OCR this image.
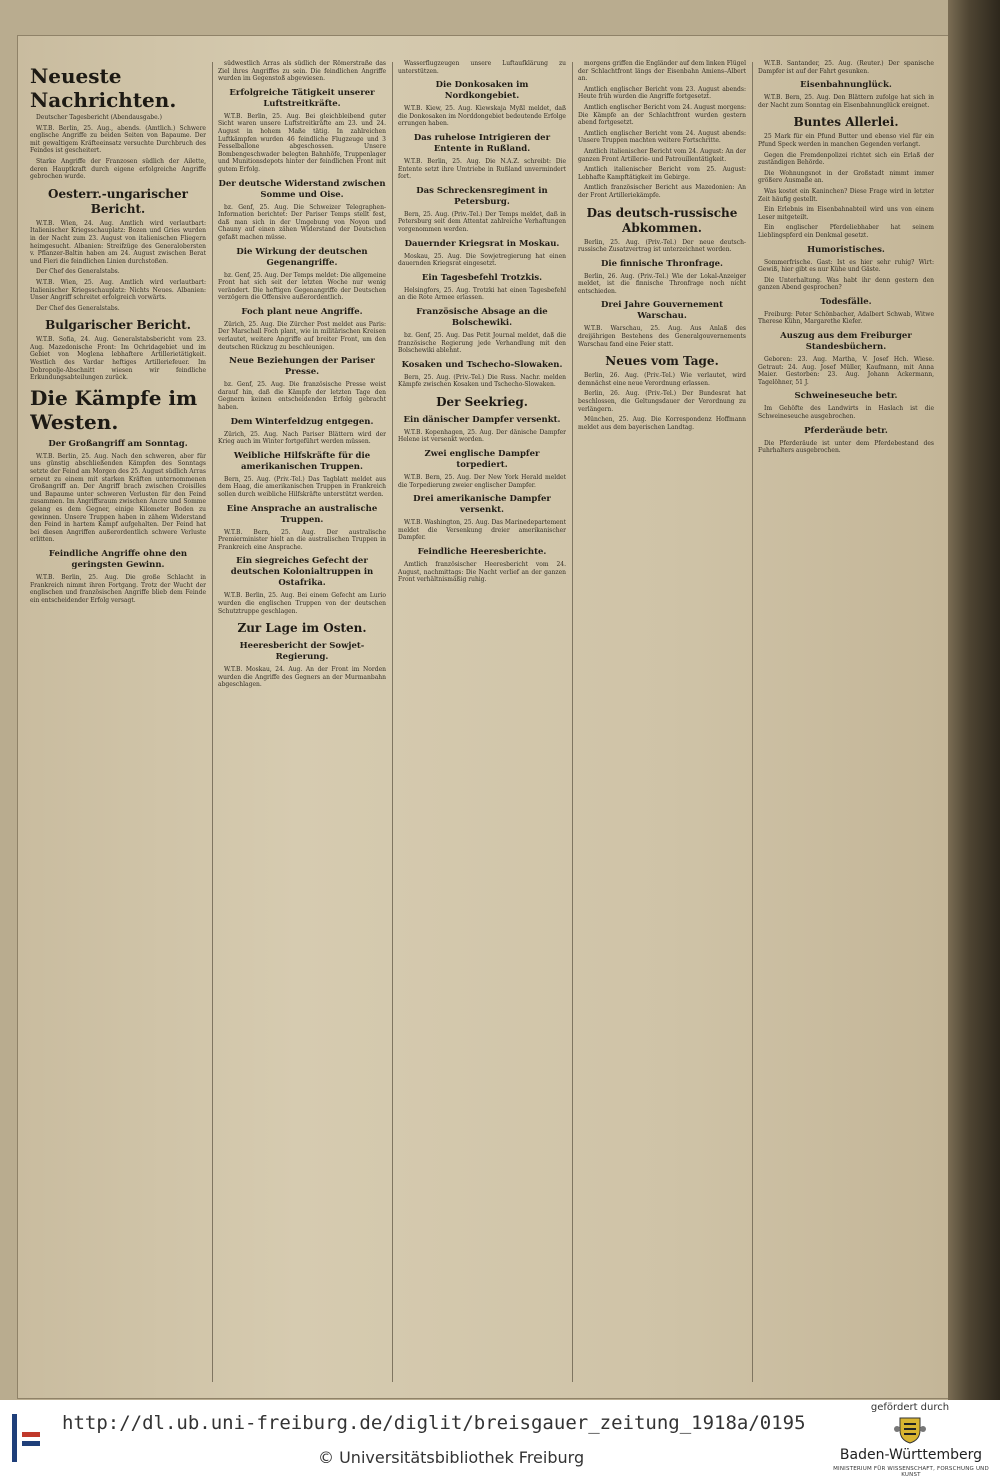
Neueste Nachrichten.

Deutscher Tagesbericht (Abendausgabe.)

W.T.B. Berlin, 25. Aug., abends. (Amtlich.) Schwere englische Angriffe zu beiden Seiten von Bapaume. Der mit gewaltigem Kräfteeinsatz versuchte Durchbruch des Feindes ist gescheitert.

Starke Angriffe der Franzosen südlich der Ailette, deren Hauptkraft durch eigene erfolgreiche Angriffe gebrochen wurde.

Oesterr.-ungarischer Bericht.

W.T.B. Wien, 24. Aug. Amtlich wird verlautbart: Italienischer Kriegsschauplatz: Bozen und Gries wurden in der Nacht zum 23. August von italienischen Fliegern heimgesucht. Albanien: Streifzüge des Generalobersten v. Pflanzer-Baltin haben am 24. August zwischen Berat und Fieri die feindlichen Linien durchstoßen.

Der Chef des Generalstabs.

W.T.B. Wien, 25. Aug. Amtlich wird verlautbart: Italienischer Kriegsschauplatz: Nichts Neues. Albanien: Unser Angriff schreitet erfolgreich vorwärts.

Der Chef des Generalstabs.

Bulgarischer Bericht.

W.T.B. Sofia, 24. Aug. Generalstabsbericht vom 23. Aug. Mazedonische Front: Im Ochridagebiet und im Gebiet von Moglena lebhaftere Artillerietätigkeit. Westlich des Vardar heftiges Artilleriefeuer. Im Dobropolje-Abschnitt wiesen wir feindliche Erkundungsabteilungen zurück.

Die Kämpfe im Westen.
Der Großangriff am Sonntag.

W.T.B. Berlin, 25. Aug. Nach den schweren, aber für uns günstig abschließenden Kämpfen des Sonntags setzte der Feind am Morgen des 25. August südlich Arras erneut zu einem mit starken Kräften unternommenen Großangriff an. Der Angriff brach zwischen Croisilles und Bapaume unter schweren Verlusten für den Feind zusammen. Im Angriffsraum zwischen Ancre und Somme gelang es dem Gegner, einige Kilometer Boden zu gewinnen. Unsere Truppen haben in zähem Widerstand den Feind in hartem Kampf aufgehalten. Der Feind hat bei diesen Angriffen außerordentlich schwere Verluste erlitten.

Feindliche Angriffe ohne den geringsten Gewinn.

W.T.B. Berlin, 25. Aug. Die große Schlacht in Frankreich nimmt ihren Fortgang. Trotz der Wucht der englischen und französischen Angriffe blieb dem Feinde ein entscheidender Erfolg versagt.

südwestlich Arras als südlich der Römerstraße das Ziel ihres Angriffes zu sein. Die feindlichen Angriffe wurden im Gegenstoß abgewiesen.

Erfolgreiche Tätigkeit unserer Luftstreitkräfte.

W.T.B. Berlin, 25. Aug. Bei gleichbleibend guter Sicht waren unsere Luftstreitkräfte am 23. und 24. August in hohem Maße tätig. In zahlreichen Luftkämpfen wurden 46 feindliche Flugzeuge und 3 Fesselballone abgeschossen. Unsere Bombengeschwader belegten Bahnhöfe, Truppenlager und Munitionsdepots hinter der feindlichen Front mit gutem Erfolg.

Der deutsche Widerstand zwischen Somme und Oise.

bz. Genf, 25. Aug. Die Schweizer Telegraphen-Information berichtet: Der Pariser Temps stellt fest, daß man sich in der Umgebung von Noyon und Chauny auf einen zähen Widerstand der Deutschen gefaßt machen müsse.

Die Wirkung der deutschen Gegenangriffe.

bz. Genf, 25. Aug. Der Temps meldet: Die allgemeine Front hat sich seit der letzten Woche nur wenig verändert. Die heftigen Gegenangriffe der Deutschen verzögern die Offensive außerordentlich.

Foch plant neue Angriffe.

Zürich, 25. Aug. Die Zürcher Post meldet aus Paris: Der Marschall Foch plant, wie in militärischen Kreisen verlautet, weitere Angriffe auf breiter Front, um den deutschen Rückzug zu beschleunigen.

Neue Beziehungen der Pariser Presse.

bz. Genf, 25. Aug. Die französische Presse weist darauf hin, daß die Kämpfe der letzten Tage den Gegnern keinen entscheidenden Erfolg gebracht haben.

Dem Winterfeldzug entgegen.

Zürich, 25. Aug. Nach Pariser Blättern wird der Krieg auch im Winter fortgeführt werden müssen.

Weibliche Hilfskräfte für die amerikanischen Truppen.

Bern, 25. Aug. (Priv.-Tel.) Das Tagblatt meldet aus dem Haag, die amerikanischen Truppen in Frankreich sollen durch weibliche Hilfskräfte unterstützt werden.

Eine Ansprache an australische Truppen.

W.T.B. Bern, 25. Aug. Der australische Premierminister hielt an die australischen Truppen in Frankreich eine Ansprache.

Ein siegreiches Gefecht der deutschen Kolonialtruppen in Ostafrika.

W.T.B. Berlin, 25. Aug. Bei einem Gefecht am Lurio wurden die englischen Truppen von der deutschen Schutztruppe geschlagen.

Zur Lage im Osten.
Heeresbericht der Sowjet-Regierung.

W.T.B. Moskau, 24. Aug. An der Front im Norden wurden die Angriffe des Gegners an der Murmanbahn abgeschlagen.

Wasserflugzeugen unsere Luftaufklärung zu unterstützen.

Die Donkosaken im Nordkongebiet.

W.T.B. Kiew, 25. Aug. Kiewskaja Myßl meldet, daß die Donkosaken im Norddongebiet bedeutende Erfolge errungen haben.

Das ruhelose Intrigieren der Entente in Rußland.

W.T.B. Berlin, 25. Aug. Die N.A.Z. schreibt: Die Entente setzt ihre Umtriebe in Rußland unvermindert fort.

Das Schreckensregiment in Petersburg.

Bern, 25. Aug. (Priv.-Tel.) Der Temps meldet, daß in Petersburg seit dem Attentat zahlreiche Verhaftungen vorgenommen werden.

Dauernder Kriegsrat in Moskau.

Moskau, 25. Aug. Die Sowjetregierung hat einen dauernden Kriegsrat eingesetzt.

Ein Tagesbefehl Trotzkis.

Helsingfors, 25. Aug. Trotzki hat einen Tagesbefehl an die Rote Armee erlassen.

Französische Absage an die Bolschewiki.

bz. Genf, 25. Aug. Das Petit Journal meldet, daß die französische Regierung jede Verhandlung mit den Bolschewiki ablehnt.

Kosaken und Tschecho-Slowaken.

Bern, 25. Aug. (Priv.-Tel.) Die Russ. Nachr. melden Kämpfe zwischen Kosaken und Tschecho-Slowaken.

Der Seekrieg.
Ein dänischer Dampfer versenkt.

W.T.B. Kopenhagen, 25. Aug. Der dänische Dampfer Helene ist versenkt worden.

Zwei englische Dampfer torpediert.

W.T.B. Bern, 25. Aug. Der New York Herald meldet die Torpedierung zweier englischer Dampfer.

Drei amerikanische Dampfer versenkt.

W.T.B. Washington, 25. Aug. Das Marinedepartement meldet die Versenkung dreier amerikanischer Dampfer.

Feindliche Heeresberichte.

Amtlich französischer Heeresbericht vom 24. August, nachmittags: Die Nacht verlief an der ganzen Front verhältnismäßig ruhig.

morgens griffen die Engländer auf dem linken Flügel der Schlachtfront längs der Eisenbahn Amiens–Albert an.

Amtlich englischer Bericht vom 23. August abends: Heute früh wurden die Angriffe fortgesetzt.

Amtlich englischer Bericht vom 24. August morgens: Die Kämpfe an der Schlachtfront wurden gestern abend fortgesetzt.

Amtlich englischer Bericht vom 24. August abends: Unsere Truppen machten weitere Fortschritte.

Amtlich italienischer Bericht vom 24. August: An der ganzen Front Artillerie- und Patrouillentätigkeit.

Amtlich italienischer Bericht vom 25. August: Lebhafte Kampftätigkeit im Gebirge.

Amtlich französischer Bericht aus Mazedonien: An der Front Artilleriekämpfe.

Das deutsch-russische Abkommen.

Berlin, 25. Aug. (Priv.-Tel.) Der neue deutsch-russische Zusatzvertrag ist unterzeichnet worden.

Die finnische Thronfrage.

Berlin, 26. Aug. (Priv.-Tel.) Wie der Lokal-Anzeiger meldet, ist die finnische Thronfrage noch nicht entschieden.

Drei Jahre Gouvernement Warschau.

W.T.B. Warschau, 25. Aug. Aus Anlaß des dreijährigen Bestehens des Generalgouvernements Warschau fand eine Feier statt.

Neues vom Tage.

Berlin, 26. Aug. (Priv.-Tel.) Wie verlautet, wird demnächst eine neue Verordnung erlassen.

Berlin, 26. Aug. (Priv.-Tel.) Der Bundesrat hat beschlossen, die Geltungsdauer der Verordnung zu verlängern.

München, 25. Aug. Die Korrespondenz Hoffmann meldet aus dem bayerischen Landtag.

W.T.B. Santander, 25. Aug. (Reuter.) Der spanische Dampfer ist auf der Fahrt gesunken.

Eisenbahnunglück.

W.T.B. Bern, 25. Aug. Den Blättern zufolge hat sich in der Nacht zum Sonntag ein Eisenbahnunglück ereignet.

Buntes Allerlei.

25 Mark für ein Pfund Butter und ebenso viel für ein Pfund Speck werden in manchen Gegenden verlangt.

Gegen die Fremdenpolizei richtet sich ein Erlaß der zuständigen Behörde.

Die Wohnungsnot in der Großstadt nimmt immer größere Ausmaße an.

Was kostet ein Kaninchen? Diese Frage wird in letzter Zeit häufig gestellt.

Ein Erlebnis im Eisenbahnabteil wird uns von einem Leser mitgeteilt.

Ein englischer Pferdeliebhaber hat seinem Lieblingspferd ein Denkmal gesetzt.

Humoristisches.

Sommerfrische. Gast: Ist es hier sehr ruhig? Wirt: Gewiß, hier gibt es nur Kühe und Gäste.

Die Unterhaltung. Was habt ihr denn gestern den ganzen Abend gesprochen?

Todesfälle.

Freiburg: Peter Schönbacher, Adalbert Schwab, Witwe Therese Kühn, Margarethe Kiefer.

Auszug aus dem Freiburger Standesbüchern.

Geboren: 23. Aug. Martha, V. Josef Hch. Wiese. Getraut: 24. Aug. Josef Müller, Kaufmann, mit Anna Maier. Gestorben: 23. Aug. Johann Ackermann, Tagelöhner, 51 J.

Schweineseuche betr.

Im Gehöfte des Landwirts in Haslach ist die Schweineseuche ausgebrochen.

Pferderäude betr.

Die Pferderäude ist unter dem Pferdebestand des Fuhrhalters ausgebrochen.

http://dl.ub.uni-freiburg.de/diglit/breisgauer_zeitung_1918a/0195
© Universitätsbibliothek Freiburg
gefördert durch
Baden-Württemberg
MINISTERIUM FÜR WISSENSCHAFT, FORSCHUNG UND KUNST
